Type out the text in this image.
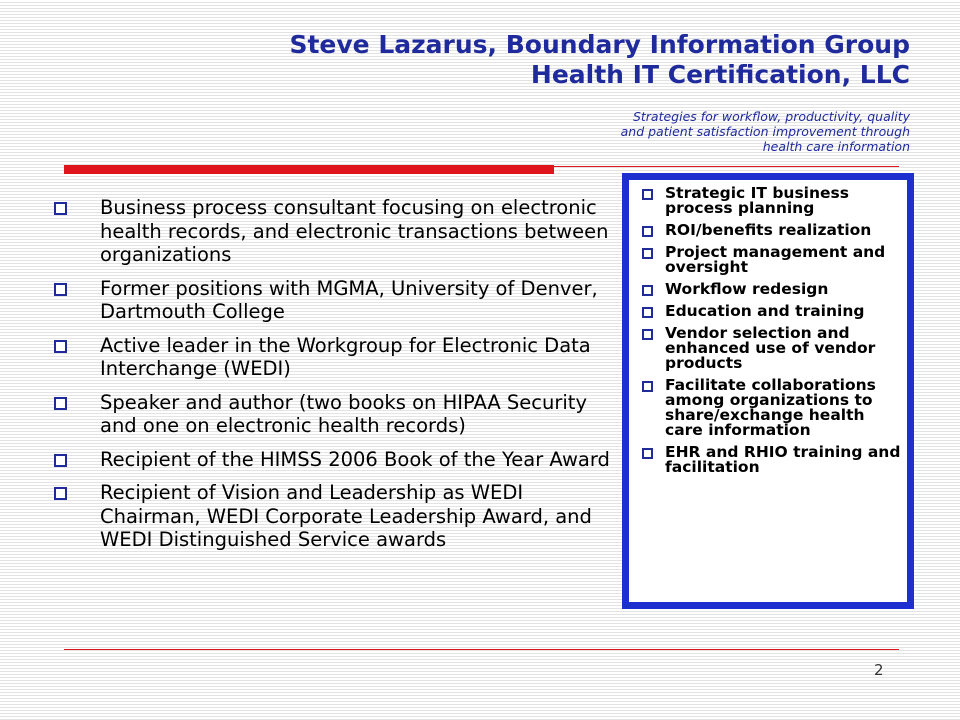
Steve Lazarus, Boundary Information Group
Health IT Certification, LLC
Strategies for workflow, productivity, quality
and patient satisfaction improvement through
health care information
Business process consultant focusing on electronic health records, and electronic transactions between organizations
Former positions with MGMA, University of Denver, Dartmouth College
Active leader in the Workgroup for Electronic Data Interchange (WEDI)
Speaker and author (two books on HIPAA Security and one on electronic health records)
Recipient of the HIMSS 2006 Book of the Year Award
Recipient of Vision and Leadership as WEDI Chairman, WEDI Corporate Leadership Award, and WEDI Distinguished Service awards
Strategic IT business process planning
ROI/benefits realization
Project management and oversight
Workflow redesign
Education and training
Vendor selection and enhanced use of vendor products
Facilitate collaborations among organizations to share/exchange health care information
EHR and RHIO training and facilitation
2
